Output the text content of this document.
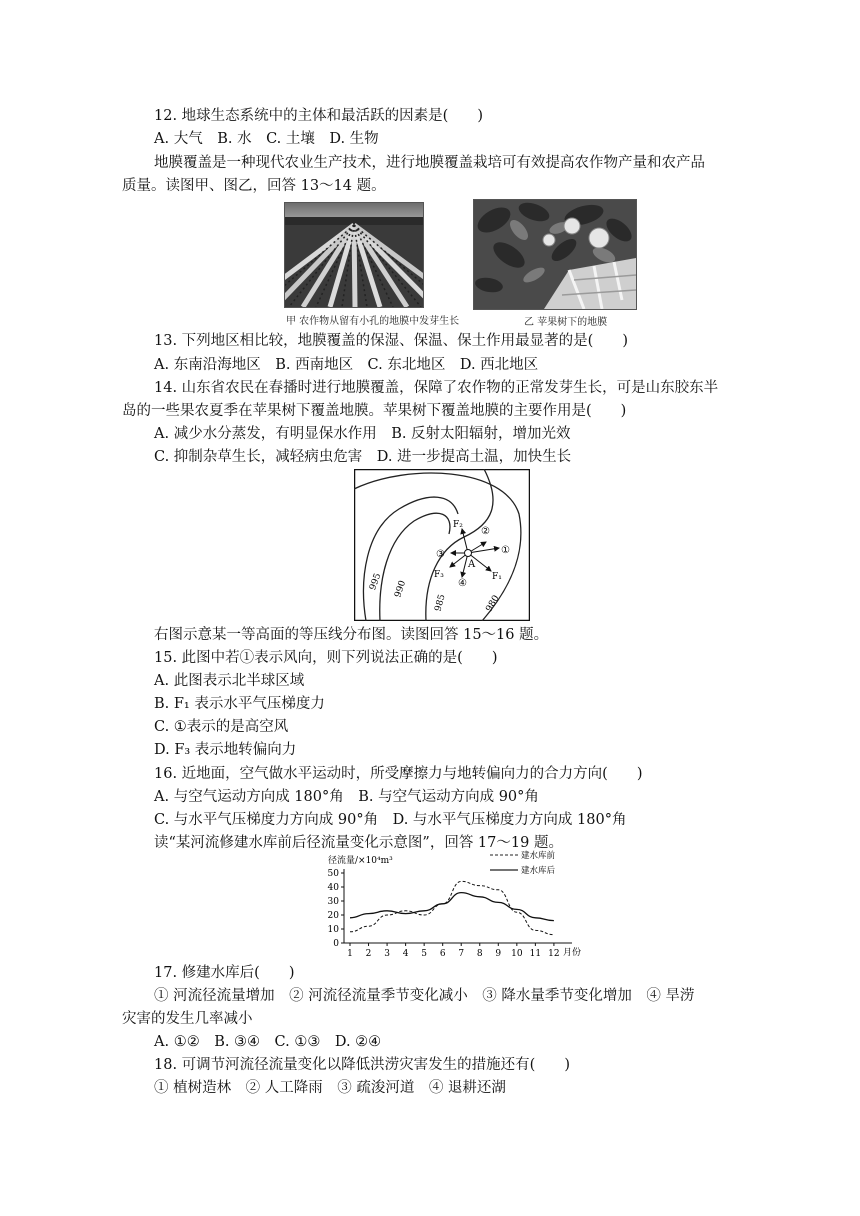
12. 地球生态系统中的主体和最活跃的因素是(　　)
A. 大气　B. 水　C. 土壤　D. 生物
地膜覆盖是一种现代农业生产技术，进行地膜覆盖栽培可有效提高农作物产量和农产品
质量。读图甲、图乙，回答 13～14 题。
甲 农作物从留有小孔的地膜中发芽生长	乙 苹果树下的地膜
13. 下列地区相比较，地膜覆盖的保湿、保温、保土作用最显著的是(　　)
A. 东南沿海地区　B. 西南地区　C. 东北地区　D. 西北地区
14. 山东省农民在春播时进行地膜覆盖，保障了农作物的正常发芽生长，可是山东胶东半
岛的一些果农夏季在苹果树下覆盖地膜。苹果树下覆盖地膜的主要作用是(　　)
A. 减少水分蒸发，有明显保水作用　B. 反射太阳辐射，增加光效
C. 抑制杂草生长，减轻病虫危害　D. 进一步提高土温，加快生长
995 990
985	980
F₂
②
①
③
A
F₃
④
F₁
右图示意某一等高面的等压线分布图。读图回答 15～16 题。
15. 此图中若①表示风向，则下列说法正确的是(　　)
A. 此图表示北半球区域
B. F₁ 表示水平气压梯度力
C. ①表示的是高空风
D. F₃ 表示地转偏向力
16. 近地面，空气做水平运动时，所受摩擦力与地转偏向力的合力方向(　　)
A. 与空气运动方向成 180°角　B. 与空气运动方向成 90°角
C. 与水平气压梯度力方向成 90°角　D. 与水平气压梯度力方向成 180°角
读“某河流修建水库前后径流量变化示意图”，回答 17～19 题。
径流量/×10⁴m³	建水库前
建水库后
0
10
20
30
40
50
1 2 3 4 5 6 7 8 9 10 11 12 月份
17. 修建水库后(　　)
① 河流径流量增加　② 河流径流量季节变化减小　③ 降水量季节变化增加　④ 旱涝
灾害的发生几率减小
A. ①②　B. ③④　C. ①③　D. ②④
18. 可调节河流径流量变化以降低洪涝灾害发生的措施还有(　　)
① 植树造林　② 人工降雨　③ 疏浚河道　④ 退耕还湖
